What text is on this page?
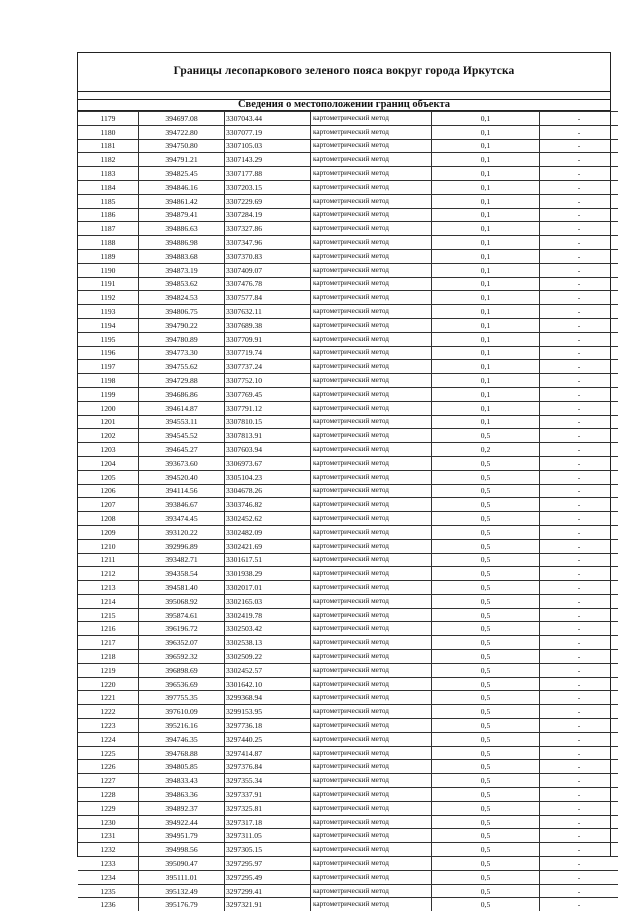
Границы лесопаркового зеленого пояса вокруг города Иркутска
Сведения о местоположении границ объекта
1179	394697.08	3307043.44	картометрический метод	0,1	-
1180	394722.80	3307077.19	картометрический метод	0,1	-
1181	394750.80	3307105.03	картометрический метод	0,1	-
1182	394791.21	3307143.29	картометрический метод	0,1	-
1183	394825.45	3307177.88	картометрический метод	0,1	-
1184	394846.16	3307203.15	картометрический метод	0,1	-
1185	394861.42	3307229.69	картометрический метод	0,1	-
1186	394879.41	3307284.19	картометрический метод	0,1	-
1187	394886.63	3307327.86	картометрический метод	0,1	-
1188	394886.98	3307347.96	картометрический метод	0,1	-
1189	394883.68	3307370.83	картометрический метод	0,1	-
1190	394873.19	3307409.07	картометрический метод	0,1	-
1191	394853.62	3307476.78	картометрический метод	0,1	-
1192	394824.53	3307577.84	картометрический метод	0,1	-
1193	394806.75	3307632.11	картометрический метод	0,1	-
1194	394790.22	3307689.38	картометрический метод	0,1	-
1195	394780.89	3307709.91	картометрический метод	0,1	-
1196	394773.30	3307719.74	картометрический метод	0,1	-
1197	394755.62	3307737.24	картометрический метод	0,1	-
1198	394729.88	3307752.10	картометрический метод	0,1	-
1199	394686.86	3307769.45	картометрический метод	0,1	-
1200	394614.87	3307791.12	картометрический метод	0,1	-
1201	394553.11	3307810.15	картометрический метод	0,1	-
1202	394545.52	3307813.91	картометрический метод	0,5	-
1203	394645.27	3307603.94	картометрический метод	0,2	-
1204	393673.60	3306973.67	картометрический метод	0,5	-
1205	394520.40	3305104.23	картометрический метод	0,5	-
1206	394114.56	3304678.26	картометрический метод	0,5	-
1207	393846.67	3303746.82	картометрический метод	0,5	-
1208	393474.45	3302452.62	картометрический метод	0,5	-
1209	393120.22	3302482.09	картометрический метод	0,5	-
1210	392996.89	3302421.69	картометрический метод	0,5	-
1211	393482.71	3301617.51	картометрический метод	0,5	-
1212	394358.54	3301938.29	картометрический метод	0,5	-
1213	394581.40	3302017.01	картометрический метод	0,5	-
1214	395068.92	3302165.03	картометрический метод	0,5	-
1215	395874.61	3302419.78	картометрический метод	0,5	-
1216	396196.72	3302503.42	картометрический метод	0,5	-
1217	396352.07	3302538.13	картометрический метод	0,5	-
1218	396592.32	3302509.22	картометрический метод	0,5	-
1219	396898.69	3302452.57	картометрический метод	0,5	-
1220	396536.69	3301642.10	картометрический метод	0,5	-
1221	397755.35	3299368.94	картометрический метод	0,5	-
1222	397610.09	3299153.95	картометрический метод	0,5	-
1223	395216.16	3297736.18	картометрический метод	0,5	-
1224	394746.35	3297440.25	картометрический метод	0,5	-
1225	394768.88	3297414.87	картометрический метод	0,5	-
1226	394805.85	3297376.84	картометрический метод	0,5	-
1227	394833.43	3297355.34	картометрический метод	0,5	-
1228	394863.36	3297337.91	картометрический метод	0,5	-
1229	394892.37	3297325.81	картометрический метод	0,5	-
1230	394922.44	3297317.18	картометрический метод	0,5	-
1231	394951.79	3297311.05	картометрический метод	0,5	-
1232	394998.56	3297305.15	картометрический метод	0,5	-
1233	395090.47	3297295.97	картометрический метод	0,5	-
1234	395111.01	3297295.49	картометрический метод	0,5	-
1235	395132.49	3297299.41	картометрический метод	0,5	-
1236	395176.79	3297321.91	картометрический метод	0,5	-
